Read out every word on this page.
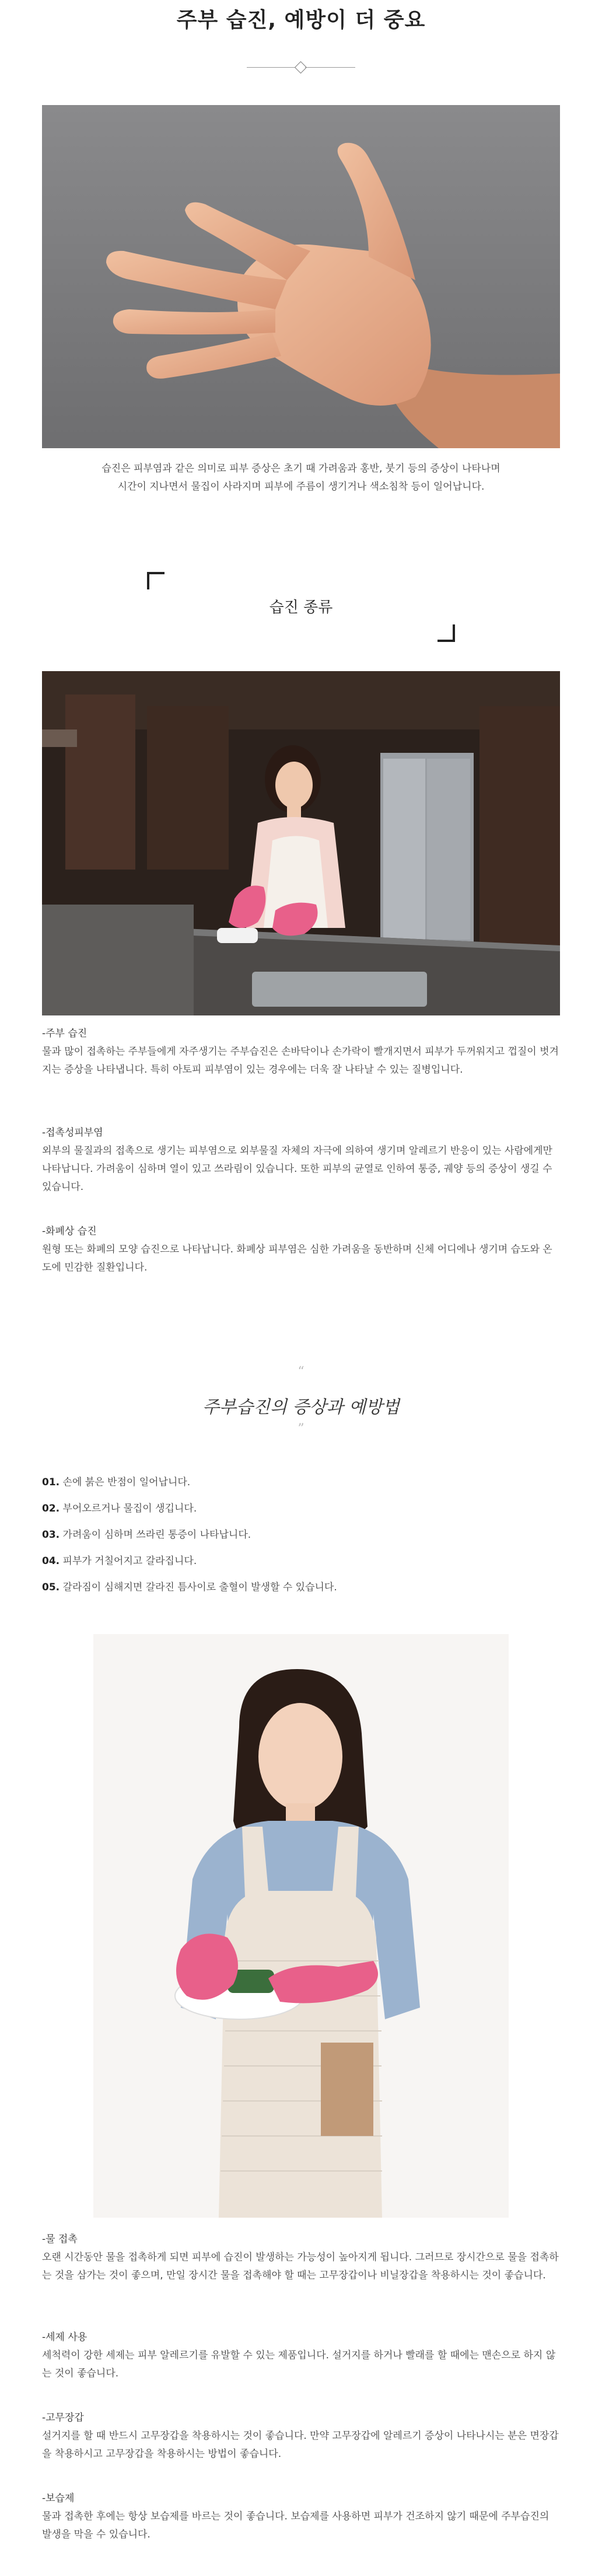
주부 습진, 예방이 더 중요
습진은 피부염과 같은 의미로 피부 증상은 초기 때 가려움과 홍반, 붓기 등의 증상이 나타나며
시간이 지나면서 물집이 사라지며 피부에 주름이 생기거나 색소침착 등이 일어납니다.
습진 종류
-주부 습진
물과 많이 접촉하는 주부들에게 자주생기는 주부습진은 손바닥이나 손가락이 빨개지면서 피부가 두꺼워지고 껍질이 벗겨지는 증상을 나타냅니다. 특히 아토피 피부염이 있는 경우에는 더욱 잘 나타날 수 있는 질병입니다.
-접촉성피부염
외부의 물질과의 접촉으로 생기는 피부염으로 외부물질 자체의 자극에 의하여 생기며 알레르기 반응이 있는 사람에게만 나타납니다. 가려움이 심하며 열이 있고 쓰라림이 있습니다. 또한 피부의 균열로 인하여 통증, 궤양 등의 증상이 생길 수 있습니다.
-화폐상 습진
원형 또는 화폐의 모양 습진으로 나타납니다. 화폐상 피부염은 심한 가려움을 동반하며 신체 어디에나 생기며 습도와 온도에 민감한 질환입니다.
“
주부습진의 증상과 예방법
”
01. 손에 붉은 반점이 일어납니다.
02. 부어오르거나 물집이 생깁니다.
03. 가려움이 심하며 쓰라린 통증이 나타납니다.
04. 피부가 거칠어지고 갈라집니다.
05. 갈라짐이 심해지면 갈라진 틈사이로 출혈이 발생할 수 있습니다.
-물 접촉
오랜 시간동안 물을 접촉하게 되면 피부에 습진이 발생하는 가능성이 높아지게 됩니다. 그러므로 장시간으로 물을 접촉하는 것을 삼가는 것이 좋으며, 만일 장시간 물을 접촉해야 할 때는 고무장갑이나 비닐장갑을 착용하시는 것이 좋습니다.
-세제 사용
세척력이 강한 세제는 피부 알레르기를 유발할 수 있는 제품입니다. 설거지를 하거나 빨래를 할 때에는 맨손으로 하지 않는 것이 좋습니다.
-고무장갑
설거지를 할 때 반드시 고무장갑을 착용하시는 것이 좋습니다. 만약 고무장갑에 알레르기 증상이 나타나시는 분은 면장갑을 착용하시고 고무장갑을 착용하시는 방법이 좋습니다.
-보습제
물과 접촉한 후에는 항상 보습제를 바르는 것이 좋습니다. 보습제를 사용하면 피부가 건조하지 않기 때문에 주부습진의 발생을 막을 수 있습니다.
